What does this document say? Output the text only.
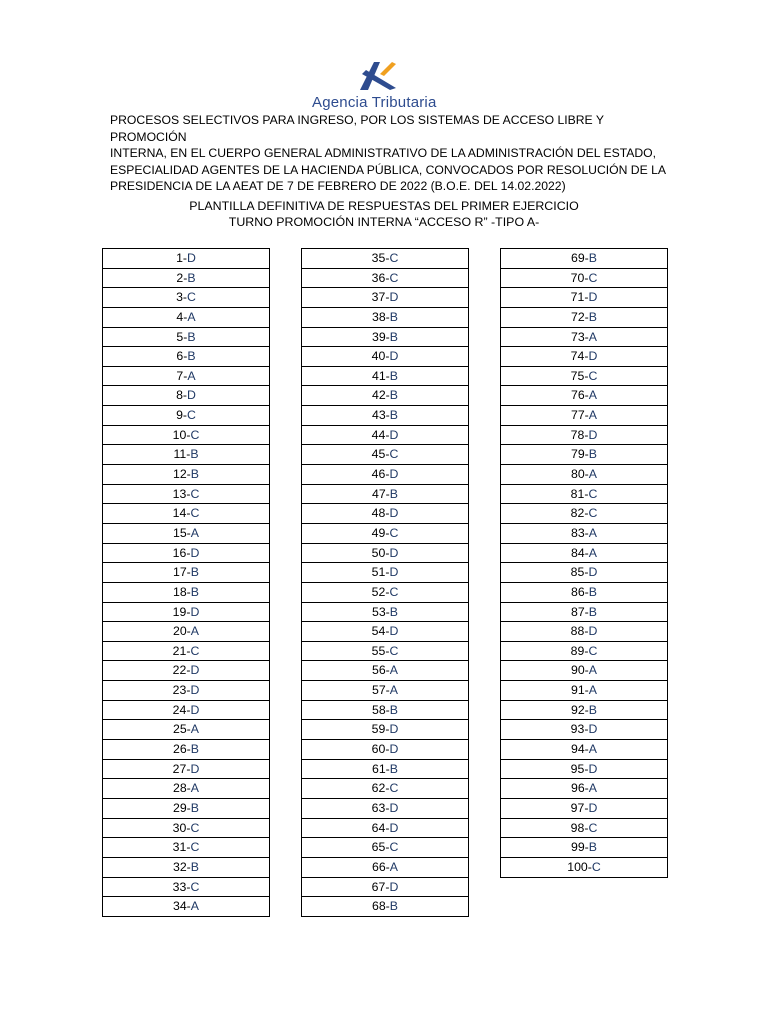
Agencia Tributaria
PROCESOS SELECTIVOS PARA INGRESO, POR LOS SISTEMAS DE ACCESO LIBRE Y PROMOCIÓN
INTERNA, EN EL CUERPO GENERAL ADMINISTRATIVO DE LA ADMINISTRACIÓN DEL ESTADO,
ESPECIALIDAD AGENTES DE LA HACIENDA PÚBLICA, CONVOCADOS POR RESOLUCIÓN DE LA
PRESIDENCIA DE LA AEAT DE 7 DE FEBRERO DE 2022 (B.O.E. DEL 14.02.2022)
PLANTILLA DEFINITIVA DE RESPUESTAS DEL PRIMER EJERCICIO
TURNO PROMOCIÓN INTERNA “ACCESO R” -TIPO A-
1-D
2-B
3-C
4-A
5-B
6-B
7-A
8-D
9-C
10-C
11-B
12-B
13-C
14-C
15-A
16-D
17-B
18-B
19-D
20-A
21-C
22-D
23-D
24-D
25-A
26-B
27-D
28-A
29-B
30-C
31-C
32-B
33-C
34-A
35-C
36-C
37-D
38-B
39-B
40-D
41-B
42-B
43-B
44-D
45-C
46-D
47-B
48-D
49-C
50-D
51-D
52-C
53-B
54-D
55-C
56-A
57-A
58-B
59-D
60-D
61-B
62-C
63-D
64-D
65-C
66-A
67-D
68-B
69-B
70-C
71-D
72-B
73-A
74-D
75-C
76-A
77-A
78-D
79-B
80-A
81-C
82-C
83-A
84-A
85-D
86-B
87-B
88-D
89-C
90-A
91-A
92-B
93-D
94-A
95-D
96-A
97-D
98-C
99-B
100-C
